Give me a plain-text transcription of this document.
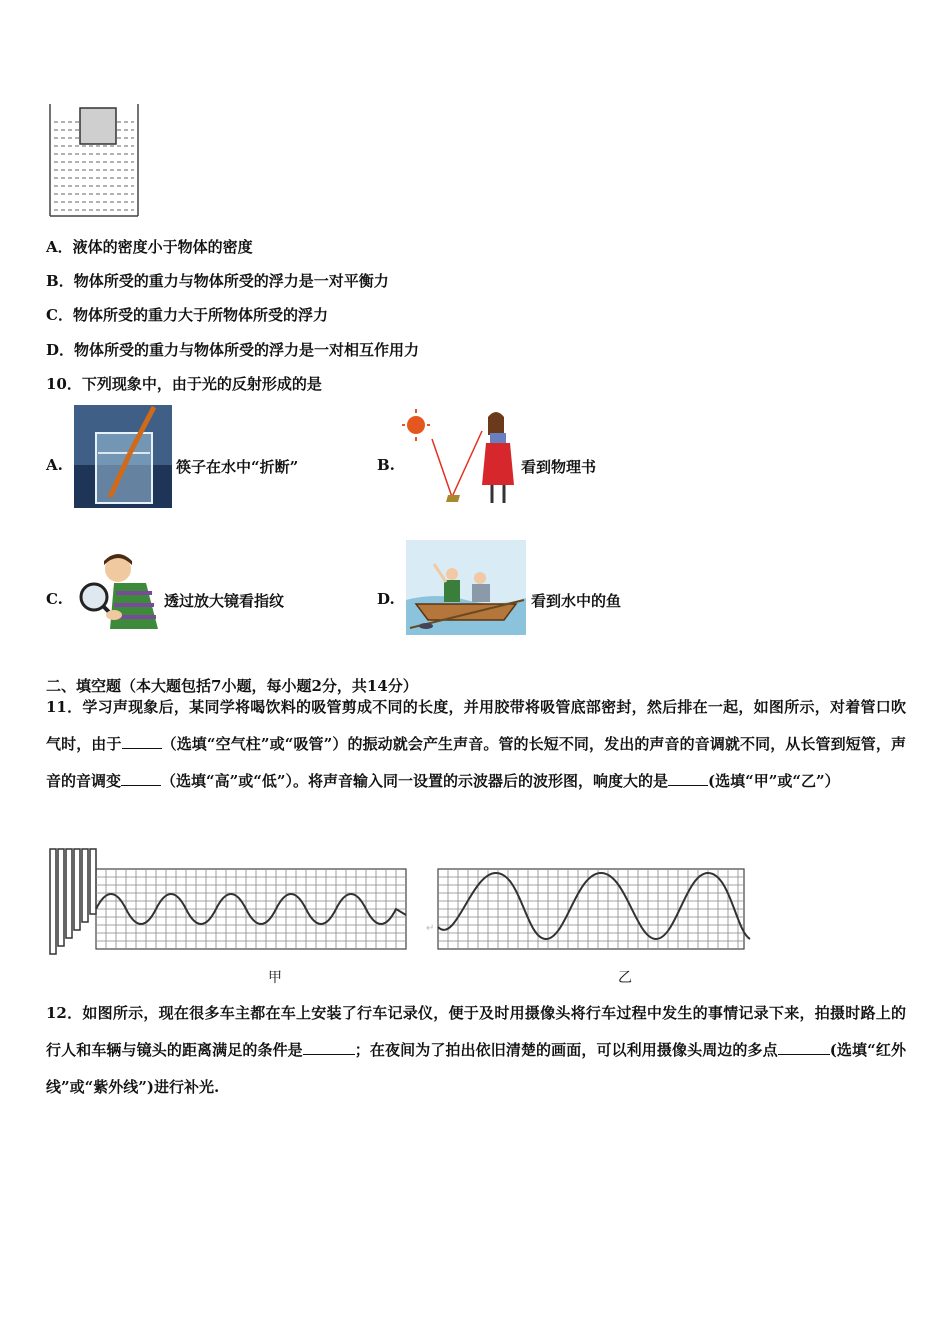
A．液体的密度小于物体的密度
B．物体所受的重力与物体所受的浮力是一对平衡力
C．物体所受的重力大于所物体所受的浮力
D．物体所受的重力与物体所受的浮力是一对相互作用力
10．下列现象中，由于光的反射形成的是
A.	筷子在水中“折断”	B.	看到物理书
C.	透过放大镜看指纹	D.	看到水中的鱼
二、填空题（本大题包括7小题，每小题2分，共14分）
11．学习声现象后，某同学将喝饮料的吸管剪成不同的长度，并用胶带将吸管底部密封，然后排在一起，如图所示，对着管口吹气时，由于	（选填“空气柱”或“吸管”）的振动就会产生声音。管的长短不同，发出的声音的音调就不同，从长管到短管，声音的音调变	（选填“高”或“低”）。将声音输入同一设置的示波器后的波形图，响度大的是	(选填“甲”或“乙”）
↵
甲	乙
12．如图所示，现在很多车主都在车上安装了行车记录仪，便于及时用摄像头将行车过程中发生的事情记录下来，拍摄时路上的行人和车辆与镜头的距离满足的条件是	；在夜间为了拍出依旧清楚的画面，可以利用摄像头周边的多点	(选填“红外线”或“紫外线”)进行补光.
